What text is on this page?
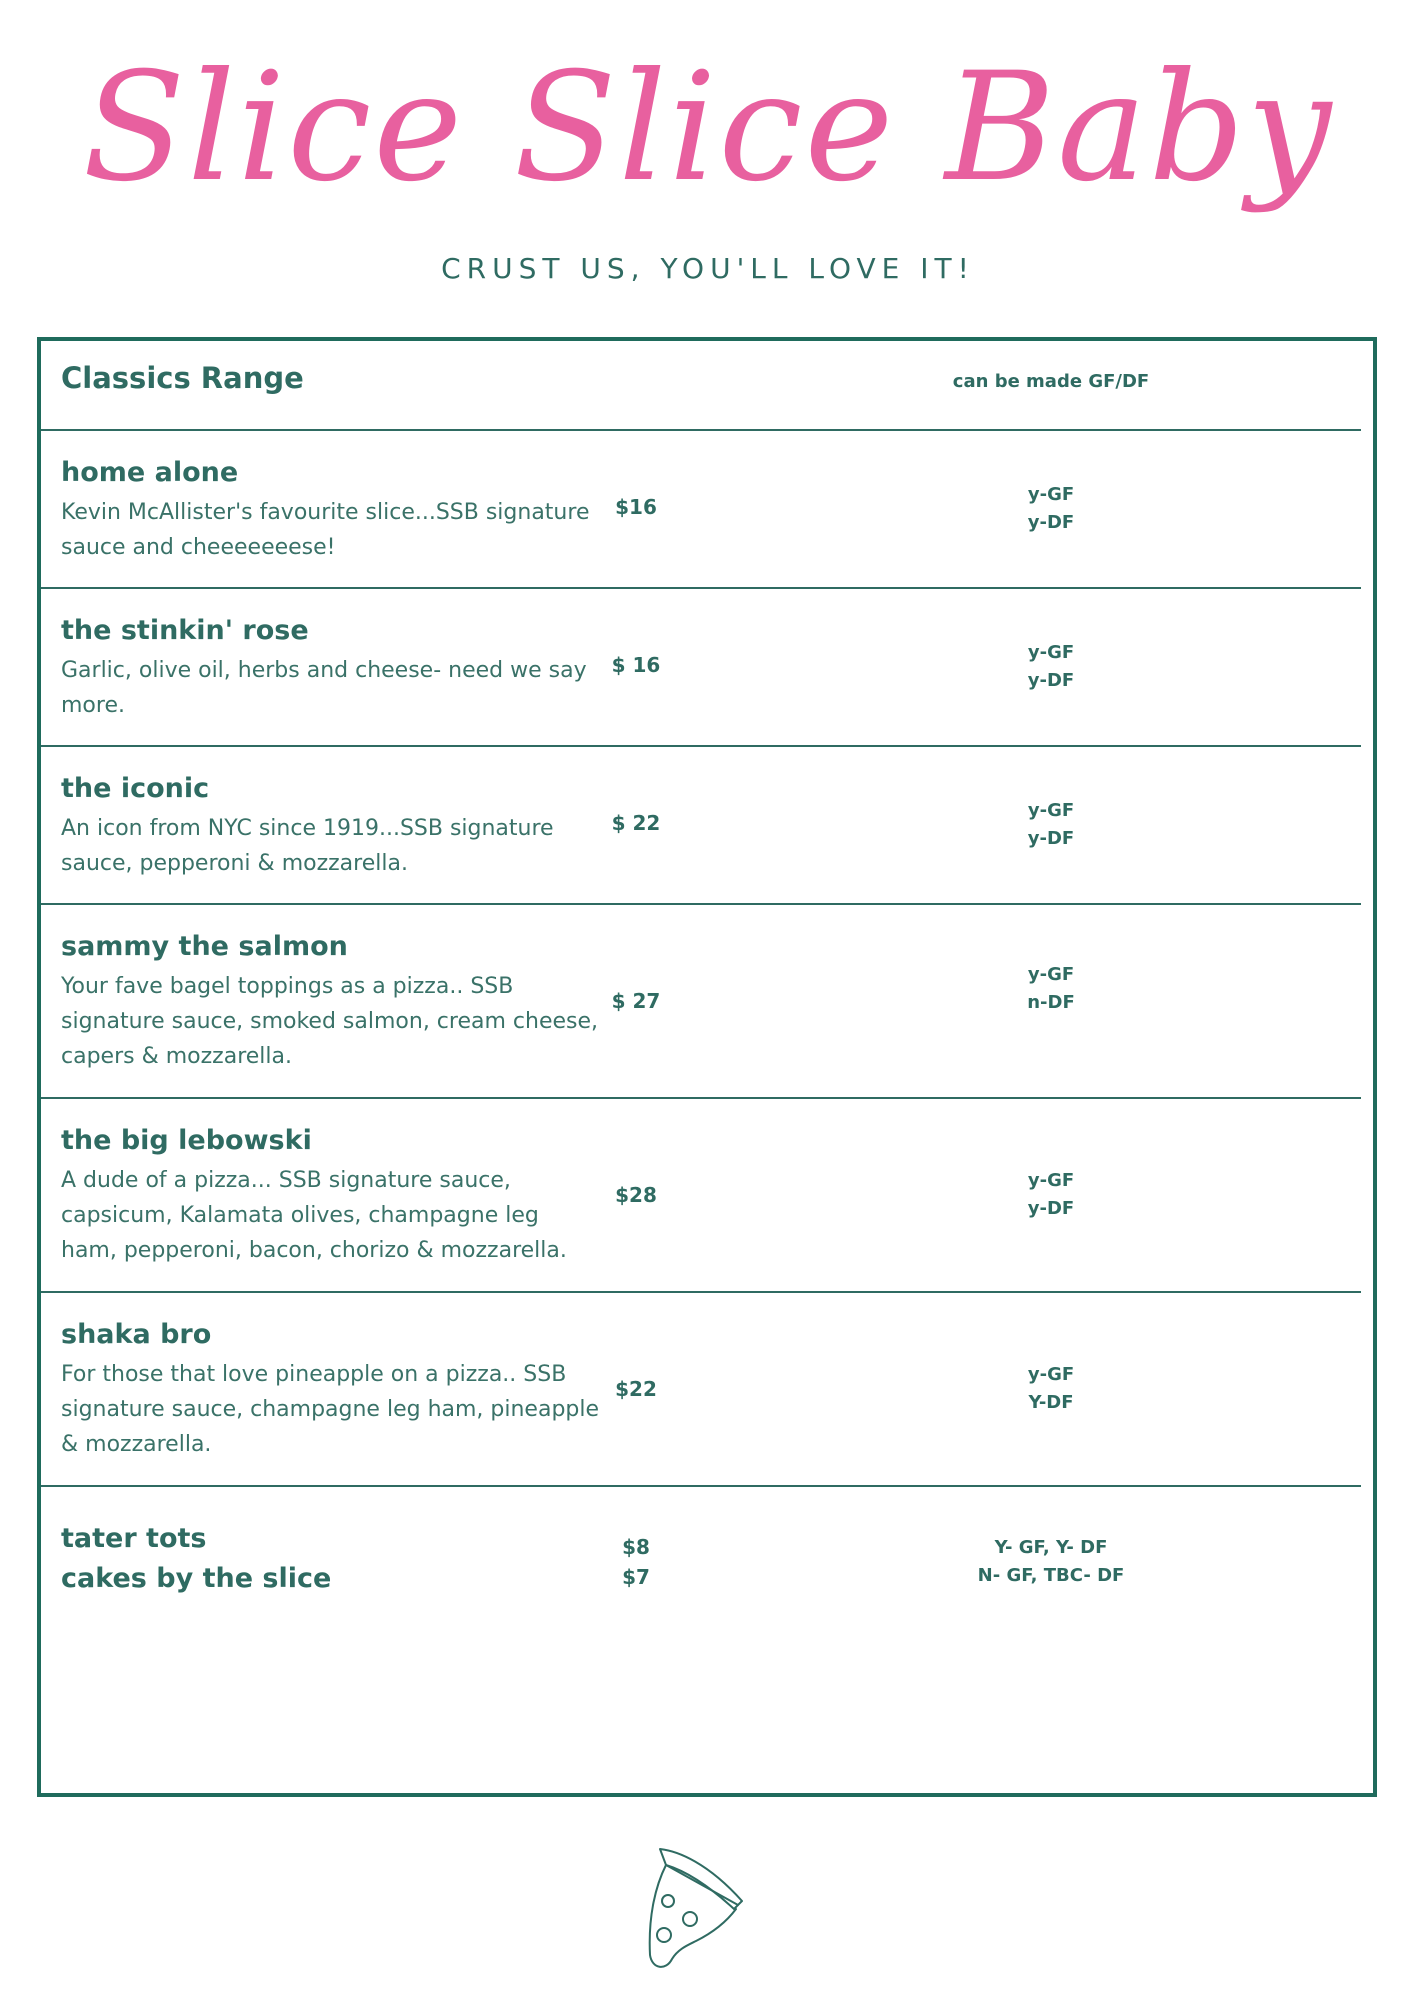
Slice Slice Baby
CRUST US, YOU'LL LOVE IT!
Classics Range	can be made GF/DF
home alone
Kevin McAllister's favourite slice...SSB signature sauce and cheeeeeeese!
$16
y-GF
y-DF
the stinkin' rose
Garlic, olive oil, herbs and cheese- need we say more.
$ 16
y-GF
y-DF
the iconic
An icon from NYC since 1919...SSB signature sauce, pepperoni & mozzarella.
$ 22
y-GF
y-DF
sammy the salmon
Your fave bagel toppings as a pizza.. SSB signature sauce, smoked salmon, cream cheese, capers & mozzarella.
$ 27
y-GF
n-DF
the big lebowski
A dude of a pizza... SSB signature sauce, capsicum, Kalamata olives, champagne leg ham, pepperoni, bacon, chorizo & mozzarella.
$28
y-GF
y-DF
shaka bro
For those that love pineapple on a pizza.. SSB signature sauce, champagne leg ham, pineapple & mozzarella.
$22
y-GF
Y-DF
tater tots
cakes by the slice
$8
$7
Y- GF, Y- DF
N- GF, TBC- DF
